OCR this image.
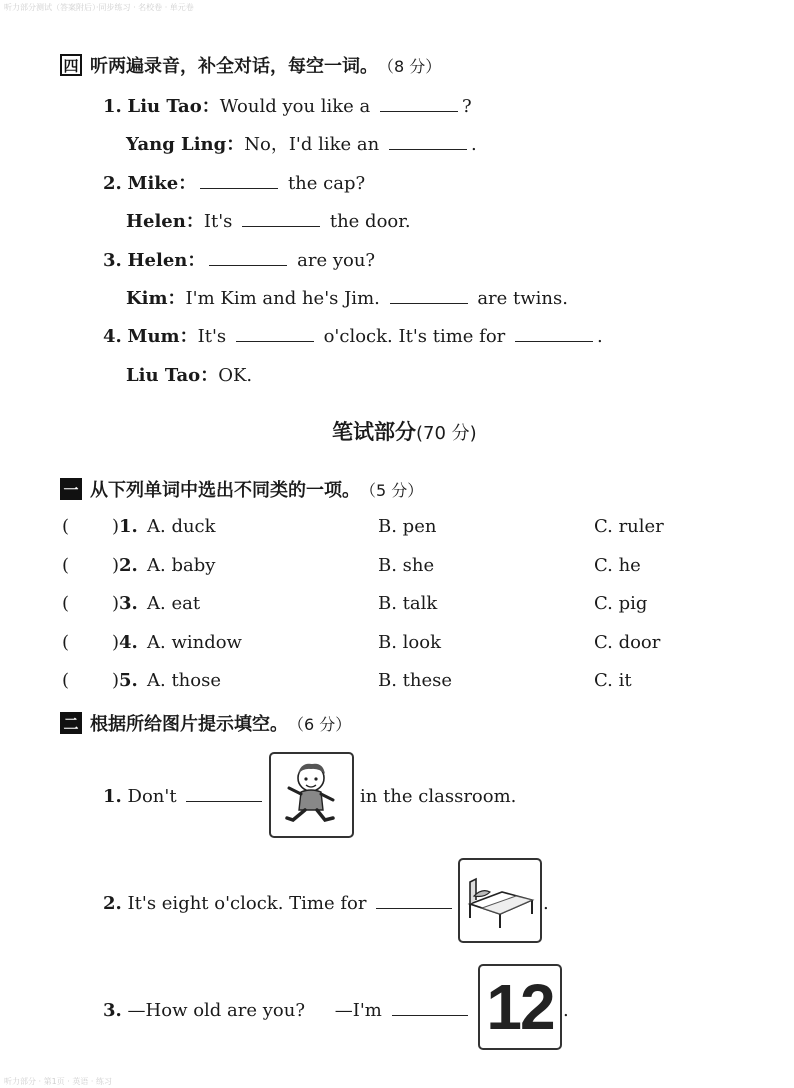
听力部分测试（答案附后）·同步练习 · 名校卷 · 单元卷
四 听两遍录音，补全对话，每空一词。 （8 分）
1. Liu Tao：Would you like a	?
Yang Ling：No，I'd like an	.
2. Mike：	the cap?
Helen：It's	the door.
3. Helen：	are you?
Kim：I'm Kim and he's Jim.	are twins.
4. Mum：It's	o'clock. It's time for	.
Liu Tao：OK.
笔试部分(70 分)
一 从下列单词中选出不同类的一项。 （5 分）
( )1. A. duck	B. pen	C. ruler
( )2. A. baby	B. she	C. he
( )3. A. eat	B. talk	C. pig
( )4. A. window	B. look	C. door
( )5. A. those	B. these	C. it
二 根据所给图片提示填空。 （6 分）
1. Don't	in the classroom.
2. It's eight o'clock. Time for	.
3. —How old are you? —I'm	12 .
听力部分 · 第1页 · 英语 · 练习
